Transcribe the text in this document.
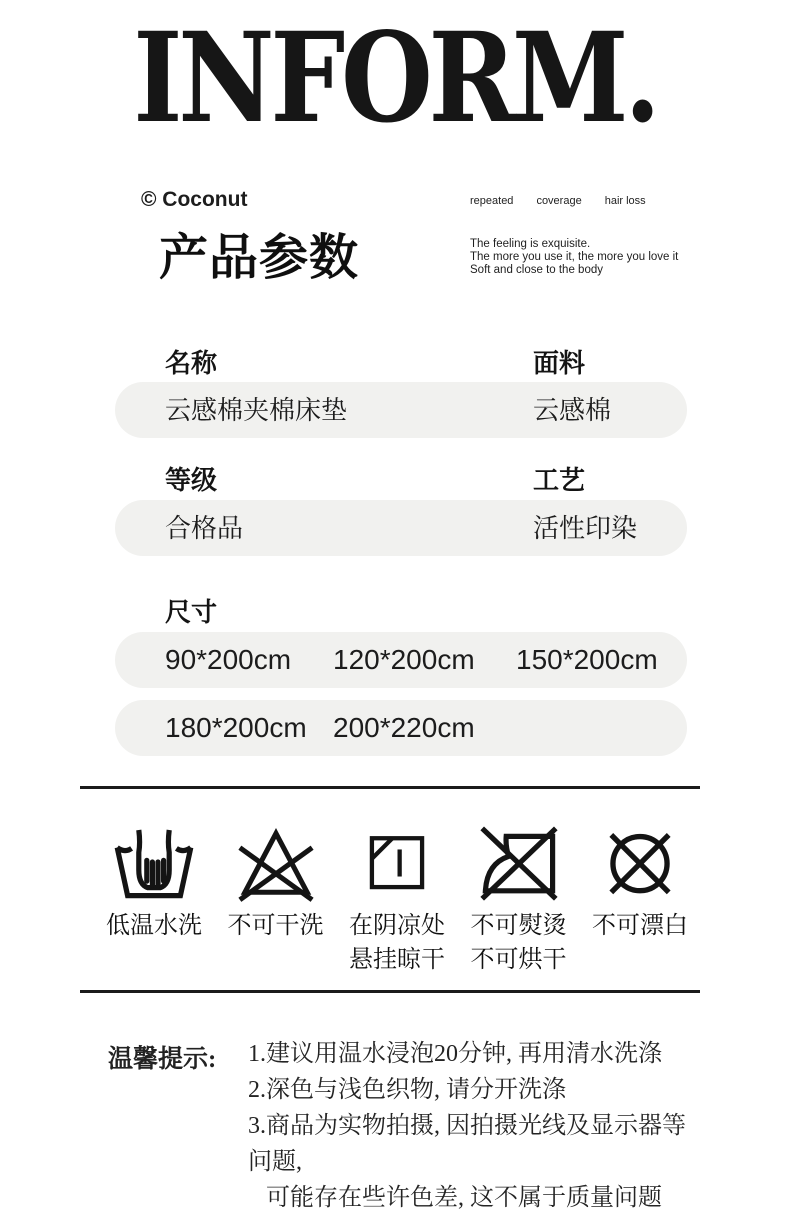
INFORM.
© Coconut
产品参数
repeated coverage hair loss
The feeling is exquisite.
The more you use it, the more you love it
Soft and close to the body
名称	面料
云感棉夹棉床垫	云感棉
等级	工艺
合格品	活性印染
尺寸
90*200cm 120*200cm 150*200cm
180*200cm 200*220cm
低温水洗	不可干洗	在阴凉处
悬挂晾干
不可熨烫
不可烘干
不可漂白
温馨提示: 1.建议用温水浸泡20分钟, 再用清水洗涤
2.深色与浅色织物, 请分开洗涤
3.商品为实物拍摄, 因拍摄光线及显示器等问题,
可能存在些许色差, 这不属于质量问题
